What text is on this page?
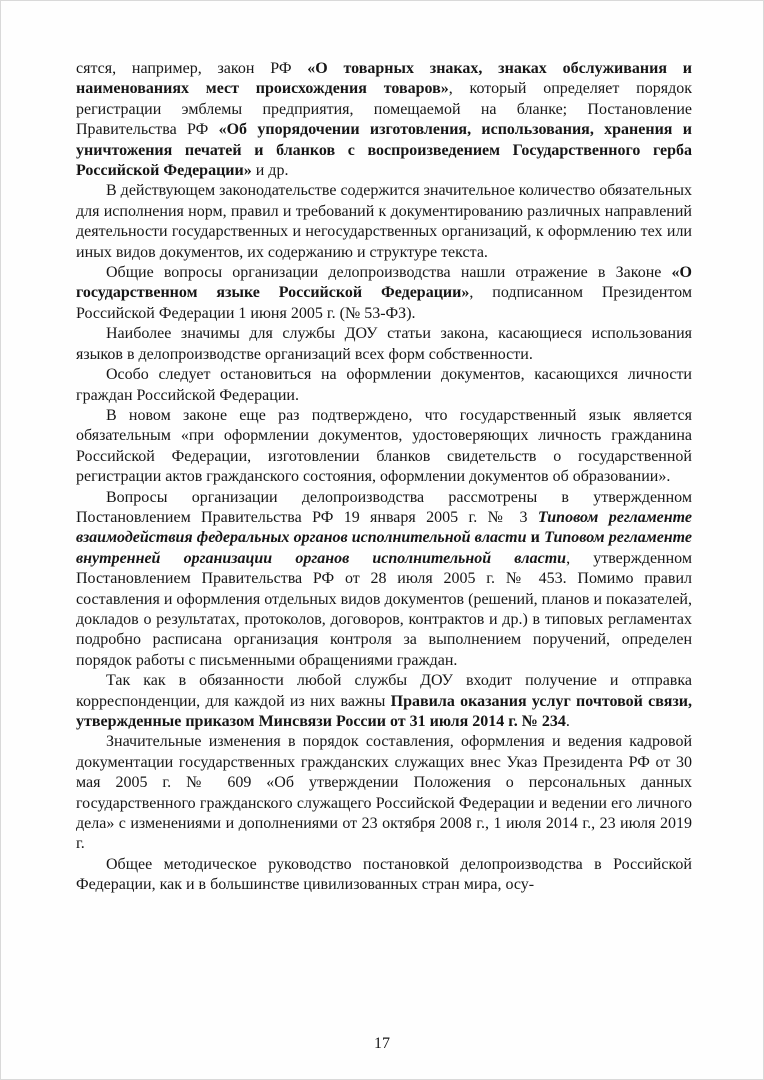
сятся, например, закон РФ «О товарных знаках, знаках обслуживания и наименованиях мест происхождения товаров», который определяет порядок регистрации эмблемы предприятия, помещаемой на бланке; Постановление Правительства РФ «Об упорядочении изготовления, использования, хранения и уничтожения печатей и бланков с воспроизведением Государственного герба Российской Федерации» и др.

В действующем законодательстве содержится значительное количество обязательных для исполнения норм, правил и требований к документированию различных направлений деятельности государственных и негосударственных организаций, к оформлению тех или иных видов документов, их содержанию и структуре текста.

Общие вопросы организации делопроизводства нашли отражение в Законе «О государственном языке Российской Федерации», подписанном Президентом Российской Федерации 1 июня 2005 г. (№ 53-ФЗ).

Наиболее значимы для службы ДОУ статьи закона, касающиеся использования языков в делопроизводстве организаций всех форм собственности.

Особо следует остановиться на оформлении документов, касающихся личности граждан Российской Федерации.

В новом законе еще раз подтверждено, что государственный язык является обязательным «при оформлении документов, удостоверяющих личность гражданина Российской Федерации, изготовлении бланков свидетельств о государственной регистрации актов гражданского состояния, оформлении документов об образовании».

Вопросы организации делопроизводства рассмотрены в утвержденном Постановлением Правительства РФ 19 января 2005 г. № 3 Типовом регламенте взаимодействия федеральных органов исполнительной власти и Типовом регламенте внутренней организации органов исполнительной власти, утвержденном Постановлением Правительства РФ от 28 июля 2005 г. № 453. Помимо правил составления и оформления отдельных видов документов (решений, планов и показателей, докладов о результатах, протоколов, договоров, контрактов и др.) в типовых регламентах подробно расписана организация контроля за выполнением поручений, определен порядок работы с письменными обращениями граждан.

Так как в обязанности любой службы ДОУ входит получение и отправка корреспонденции, для каждой из них важны Правила оказания услуг почтовой связи, утвержденные приказом Минсвязи России от 31 июля 2014 г. № 234.

Значительные изменения в порядок составления, оформления и ведения кадровой документации государственных гражданских служащих внес Указ Президента РФ от 30 мая 2005 г. № 609 «Об утверждении Положения о персональных данных государственного гражданского служащего Российской Федерации и ведении его личного дела» с изменениями и дополнениями от 23 октября 2008 г., 1 июля 2014 г., 23 июля 2019 г.

Общее методическое руководство постановкой делопроизводства в Российской Федерации, как и в большинстве цивилизованных стран мира, осу-

17
